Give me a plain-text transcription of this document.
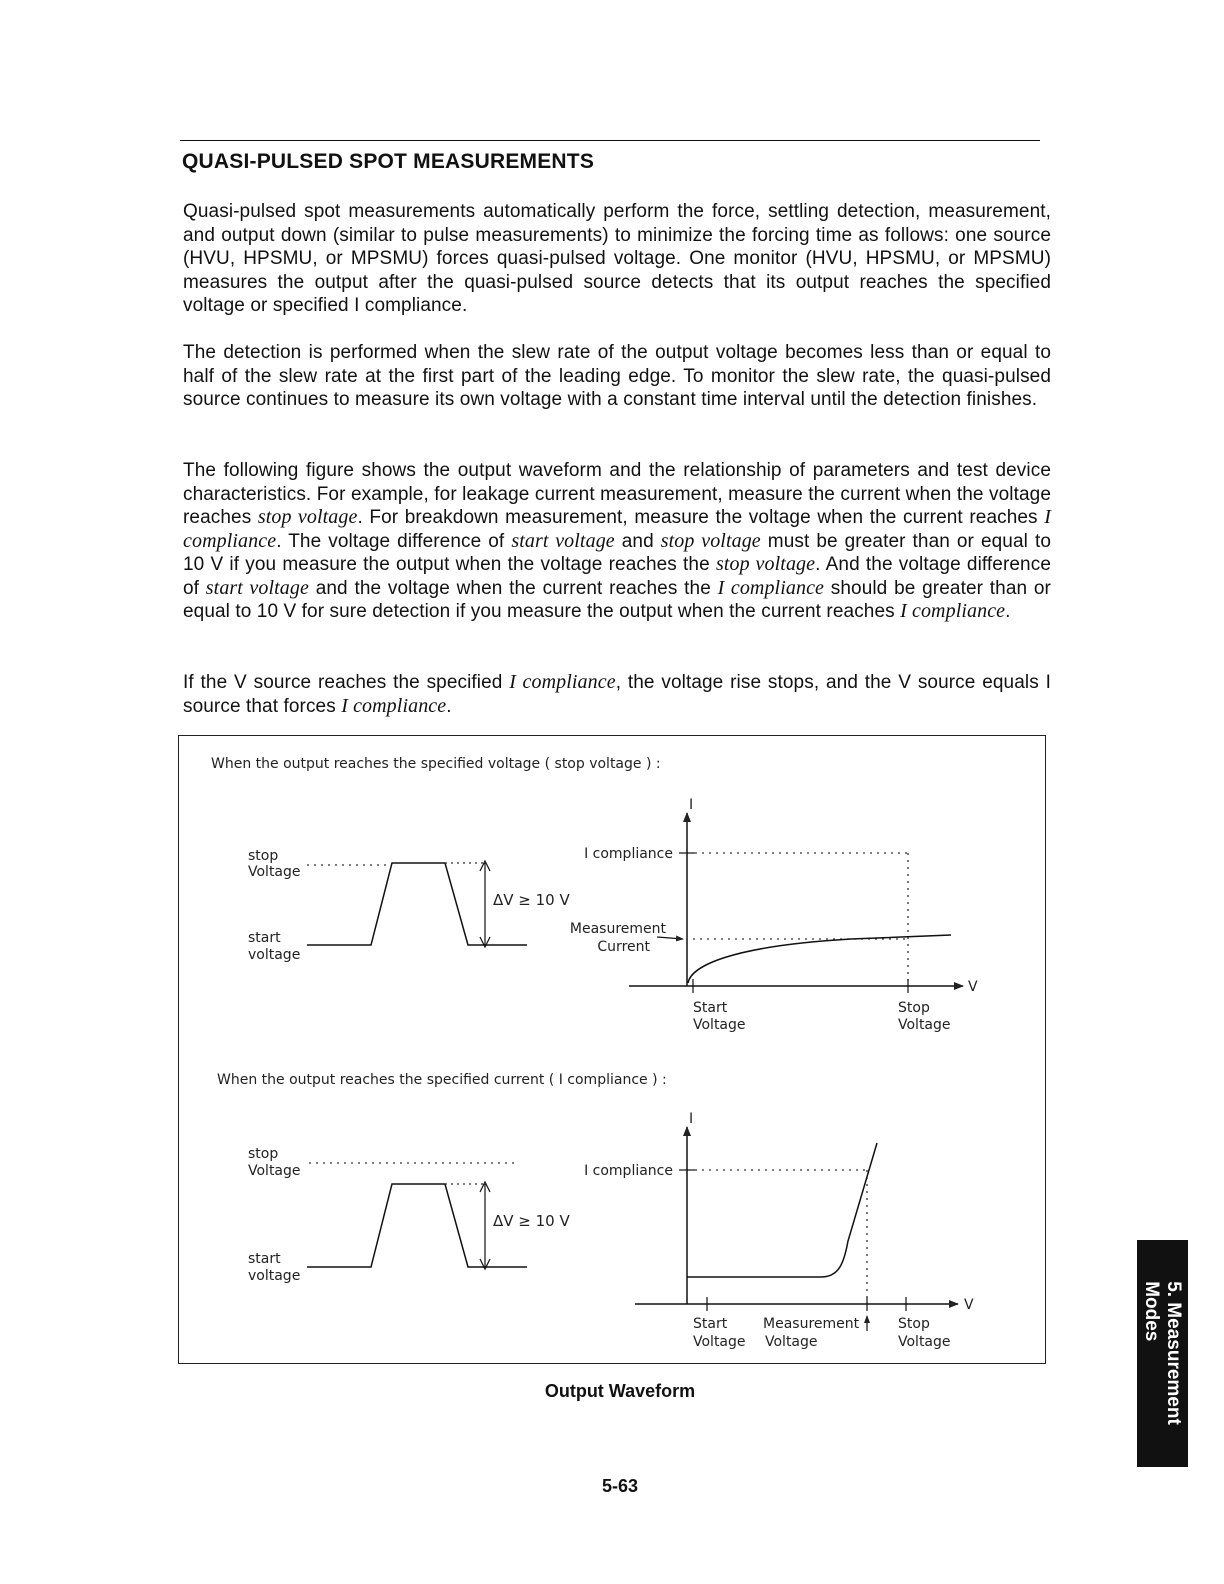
QUASI-PULSED SPOT MEASUREMENTS

Quasi-pulsed spot measurements automatically perform the force, settling detection, measurement, and output down (similar to pulse measurements) to minimize the forcing time as follows: one source (HVU, HPSMU, or MPSMU) forces quasi-pulsed voltage. One monitor (HVU, HPSMU, or MPSMU) measures the output after the quasi-pulsed source detects that its output reaches the specified voltage or specified I compliance.

The detection is performed when the slew rate of the output voltage becomes less than or equal to half of the slew rate at the first part of the leading edge. To monitor the slew rate, the quasi-pulsed source continues to measure its own voltage with a constant time interval until the detection finishes.

The following figure shows the output waveform and the relationship of parameters and test device characteristics. For example, for leakage current measurement, measure the current when the voltage reaches stop voltage. For breakdown measurement, measure the voltage when the current reaches I compliance. The voltage difference of start voltage and stop voltage must be greater than or equal to 10 V if you measure the output when the voltage reaches the stop voltage. And the voltage difference of start voltage and the voltage when the current reaches the I compliance should be greater than or equal to 10 V for sure detection if you measure the output when the current reaches I compliance.

If the V source reaches the specified I compliance, the voltage rise stops, and the V source equals I source that forces I compliance.

When the output reaches the specified voltage ( stop voltage ) :
stop
Voltage
start
voltage
ΔV ≥ 10 V
I
V
I compliance
Measurement
Current
Start
Voltage
Stop
Voltage
When the output reaches the specified current ( I compliance ) :
stop
Voltage
start
voltage
ΔV ≥ 10 V
I
V
I compliance
Start
Voltage
Measurement
Voltage
Stop
Voltage

Output Waveform

5-63
5. Measurement
Modes
